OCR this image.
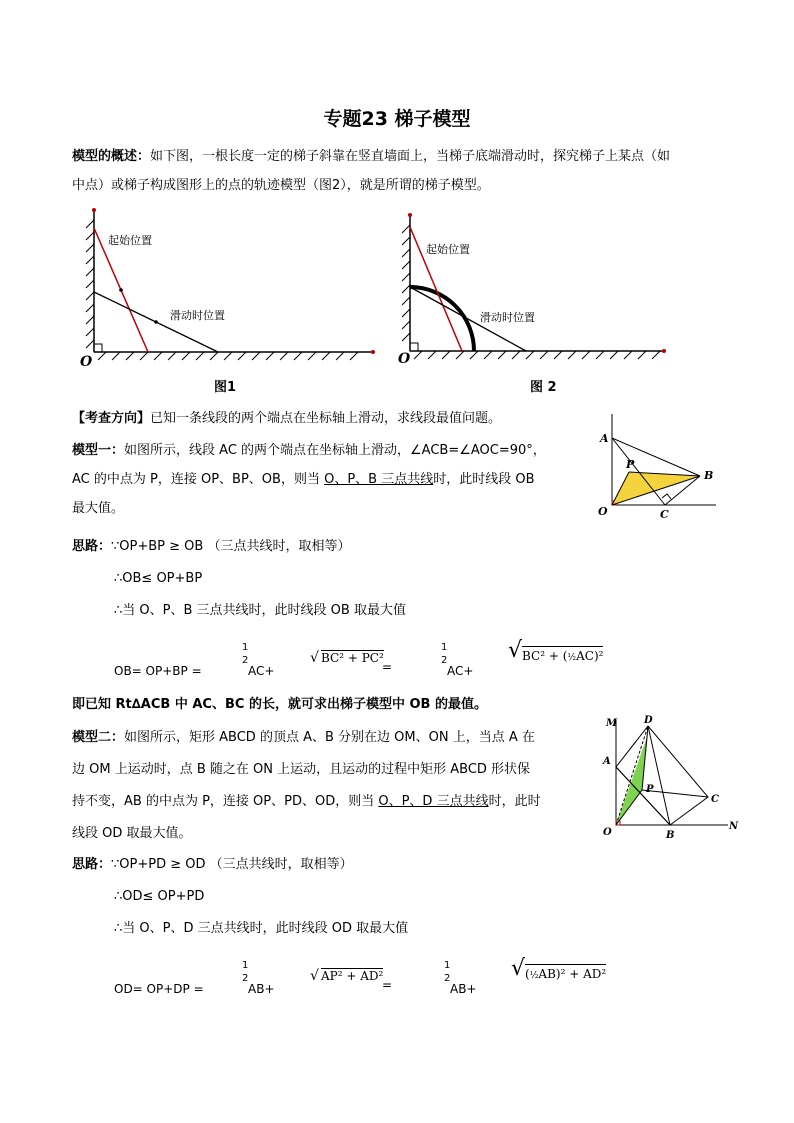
专题23 梯子模型
模型的概述：如下图，一根长度一定的梯子斜靠在竖直墙面上，当梯子底端滑动时，探究梯子上某点（如
中点）或梯子构成图形上的点的轨迹模型（图2），就是所谓的梯子模型。
起始位置
滑动时位置
O
图1
起始位置
滑动时位置
O
图 2
【考查方向】已知一条线段的两个端点在坐标轴上滑动，求线段最值问题。
模型一：如图所示，线段 AC 的两个端点在坐标轴上滑动，∠ACB=∠AOC=90°，
AC 的中点为 P，连接 OP、BP、OB，则当 O、P、B 三点共线时，此时线段 OB
最大值。
A
B
C
O
P
思路：∵OP+BP ≥ OB （三点共线时，取相等）
∴OB≤ OP+BP
∴当 O、P、B 三点共线时，此时线段 OB 取最大值
OB= OP+BP =
1
2
AC+
√ BC² + PC²
=
1
2
AC+
√ BC² + (½AC)²
即已知 Rt∆ACB 中 AC、BC 的长，就可求出梯子模型中 OB 的最值。
模型二：如图所示，矩形 ABCD 的顶点 A、B 分别在边 OM、ON 上，当点 A 在
边 OM 上运动时，点 B 随之在 ON 上运动，且运动的过程中矩形 ABCD 形状保
持不变，AB 的中点为 P，连接 OP、PD、OD，则当 O、P、D 三点共线时，此时
线段 OD 取最大值。
M	D
A
P
C
O	B
N
思路：∵OP+PD ≥ OD （三点共线时，取相等）
∴OD≤ OP+PD
∴当 O、P、D 三点共线时，此时线段 OD 取最大值
OD= OP+DP =
1
2
AB+
√ AP² + AD²
=
1
2
AB+
√ (½AB)² + AD²
